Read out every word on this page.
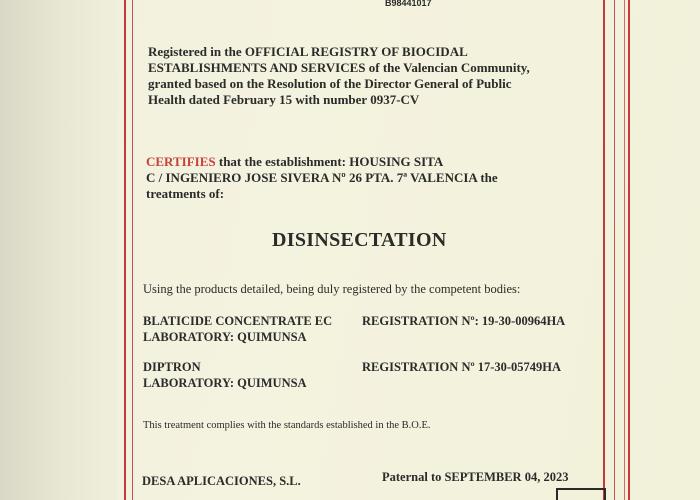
B98441017
Registered in the OFFICIAL REGISTRY OF BIOCIDAL
ESTABLISHMENTS AND SERVICES of the Valencian Community,
granted based on the Resolution of the Director General of Public
Health dated February 15 with number 0937-CV
CERTIFIES that the establishment: HOUSING SITA
C / INGENIERO JOSE SIVERA Nº 26 PTA. 7ª VALENCIA the
treatments of:
DISINSECTATION
Using the products detailed, being duly registered by the competent bodies:
BLATICIDE CONCENTRATE EC
LABORATORY: QUIMUNSA
REGISTRATION Nº: 19-30-00964HA
DIPTRON
LABORATORY: QUIMUNSA
REGISTRATION Nº 17-30-05749HA
This treatment complies with the standards established in the B.O.E.
DESA APLICACIONES, S.L.	Paternal to SEPTEMBER 04, 2023
